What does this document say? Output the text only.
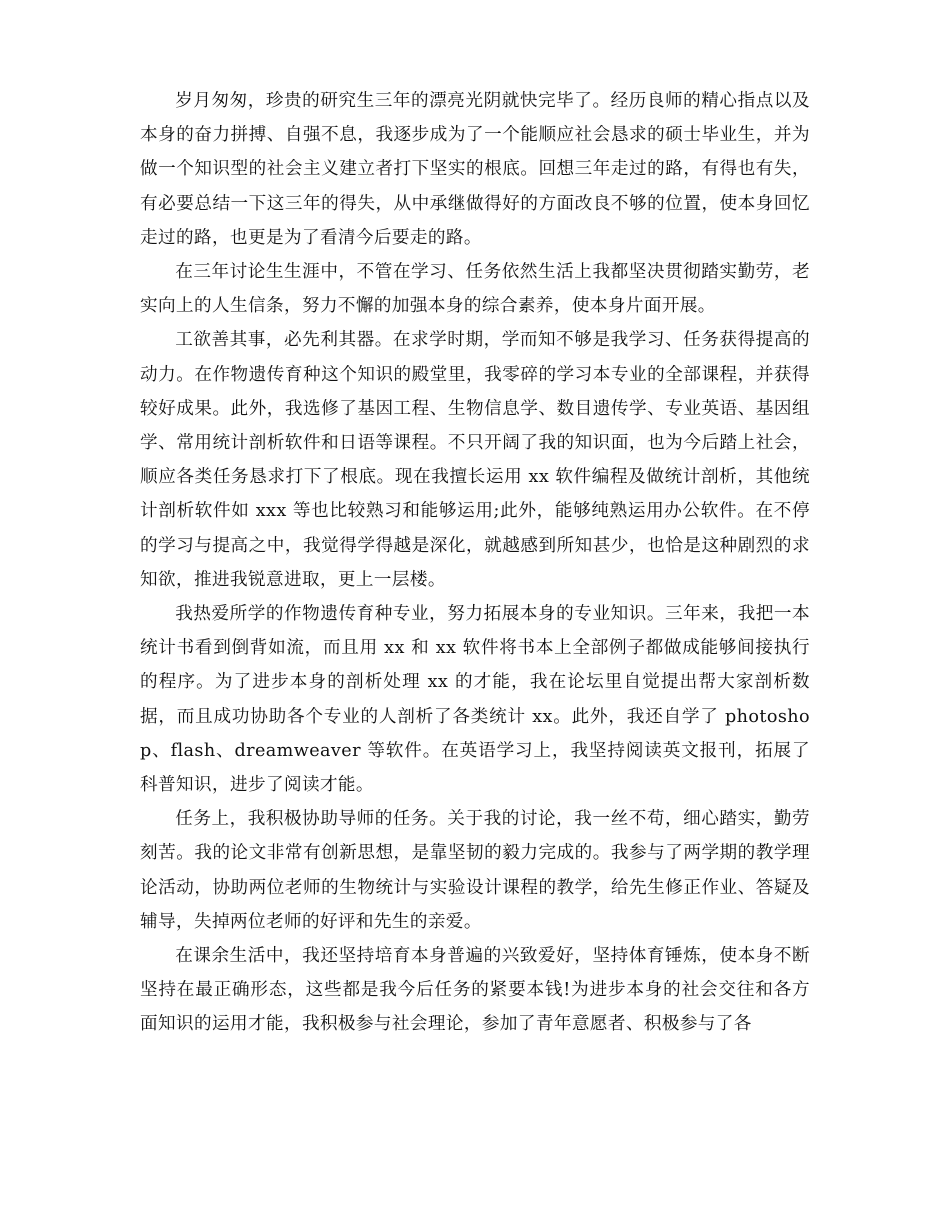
岁月匆匆，珍贵的研究生三年的漂亮光阴就快完毕了。经历良师的精心指点以及本身的奋力拼搏、自强不息，我逐步成为了一个能顺应社会恳求的硕士毕业生，并为做一个知识型的社会主义建立者打下坚实的根底。回想三年走过的路，有得也有失，有必要总结一下这三年的得失，从中承继做得好的方面改良不够的位置，使本身回忆走过的路，也更是为了看清今后要走的路。

在三年讨论生生涯中，不管在学习、任务依然生活上我都坚决贯彻踏实勤劳，老实向上的人生信条，努力不懈的加强本身的综合素养，使本身片面开展。

工欲善其事，必先利其器。在求学时期，学而知不够是我学习、任务获得提高的动力。在作物遗传育种这个知识的殿堂里，我零碎的学习本专业的全部课程，并获得较好成果。此外，我选修了基因工程、生物信息学、数目遗传学、专业英语、基因组学、常用统计剖析软件和日语等课程。不只开阔了我的知识面，也为今后踏上社会，顺应各类任务恳求打下了根底。现在我擅长运用 xx 软件编程及做统计剖析，其他统计剖析软件如 xxx 等也比较熟习和能够运用;此外，能够纯熟运用办公软件。在不停的学习与提高之中，我觉得学得越是深化，就越感到所知甚少，也恰是这种剧烈的求知欲，推进我锐意进取，更上一层楼。

我热爱所学的作物遗传育种专业，努力拓展本身的专业知识。三年来，我把一本统计书看到倒背如流，而且用 xx 和 xx 软件将书本上全部例子都做成能够间接执行的程序。为了进步本身的剖析处理 xx 的才能，我在论坛里自觉提出帮大家剖析数据，而且成功协助各个专业的人剖析了各类统计 xx。此外，我还自学了 photoshop、flash、dreamweaver 等软件。在英语学习上，我坚持阅读英文报刊，拓展了科普知识，进步了阅读才能。

任务上，我积极协助导师的任务。关于我的讨论，我一丝不苟，细心踏实，勤劳刻苦。我的论文非常有创新思想，是靠坚韧的毅力完成的。我参与了两学期的教学理论活动，协助两位老师的生物统计与实验设计课程的教学，给先生修正作业、答疑及辅导，失掉两位老师的好评和先生的亲爱。

在课余生活中，我还坚持培育本身普遍的兴致爱好，坚持体育锤炼，使本身不断坚持在最正确形态，这些都是我今后任务的紧要本钱!为进步本身的社会交往和各方面知识的运用才能，我积极参与社会理论，参加了青年意愿者、积极参与了各
